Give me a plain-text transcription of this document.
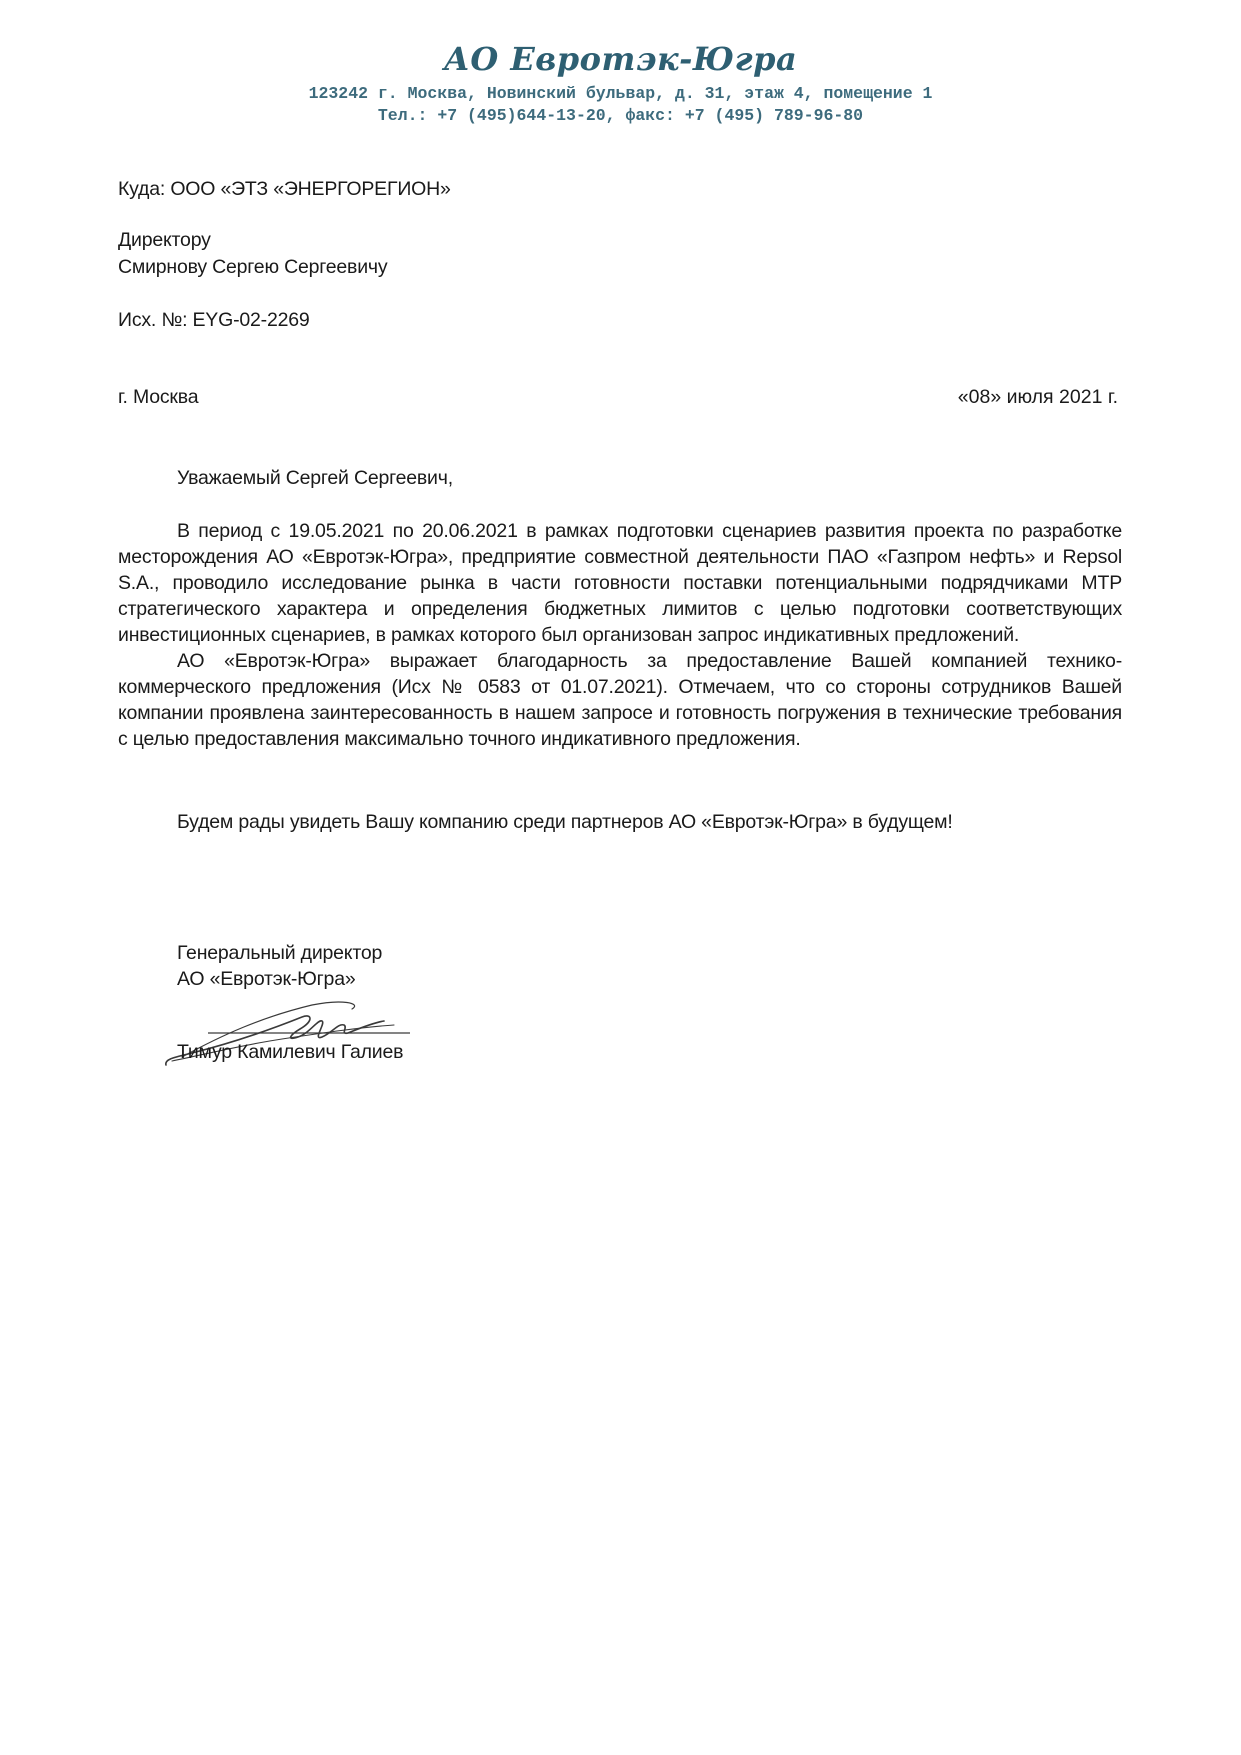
АО Евротэк-Югра
123242 г. Москва, Новинский бульвар, д. 31, этаж 4, помещение 1
Тел.: +7 (495)644-13-20, факс: +7 (495) 789-96-80
Куда: ООО «ЭТЗ «ЭНЕРГОРЕГИОН»
Директору
Смирнову Сергею Сергеевичу
Исх. №: EYG-02-2269
г. Москва	«08» июля 2021 г.
Уважаемый Сергей Сергеевич,

В период с 19.05.2021 по 20.06.2021 в рамках подготовки сценариев развития проекта по разработке месторождения АО «Евротэк-Югра», предприятие совместной деятельности ПАО «Газпром нефть» и Repsol S.A., проводило исследование рынка в части готовности поставки потенциальными подрядчиками МТР стратегического характера и определения бюджетных лимитов с целью подготовки соответствующих инвестиционных сценариев, в рамках которого был организован запрос индикативных предложений.

АО «Евротэк-Югра» выражает благодарность за предоставление Вашей компанией технико-коммерческого предложения (Исх № 0583 от 01.07.2021). Отмечаем, что со стороны сотрудников Вашей компании проявлена заинтересованность в нашем запросе и готовность погружения в технические требования с целью предоставления максимально точного индикативного предложения.

Будем рады увидеть Вашу компанию среди партнеров АО «Евротэк-Югра» в будущем!
Генеральный директор
АО «Евротэк-Югра»
Тимур Камилевич Галиев
